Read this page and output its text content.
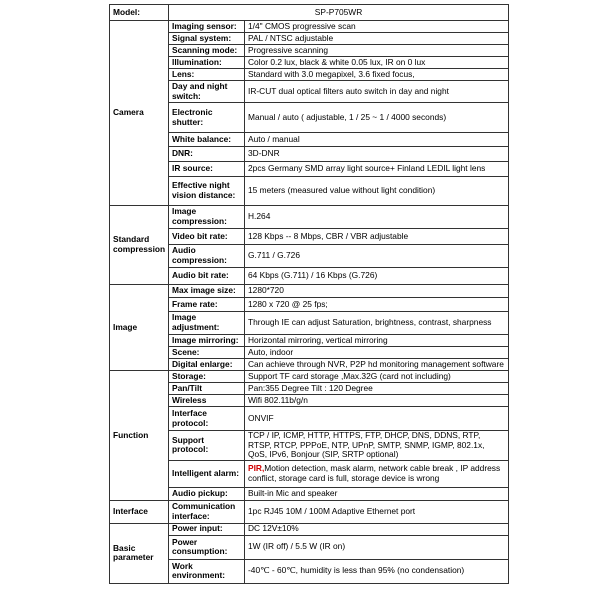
Model:	SP-P705WR	
Camera	Imaging sensor:	1/4" CMOS progressive scan
	Signal system:	PAL / NTSC adjustable
	Scanning mode:	Progressive scanning
	Illumination:	Color 0.2 lux, black & white 0.05 lux, IR on 0 lux
	Lens:	Standard with 3.0 megapixel, 3.6 fixed focus,
	Day and night switch:	IR-CUT dual optical filters auto switch in day and night
	Electronic shutter:	Manual / auto ( adjustable, 1 / 25 ~ 1 / 4000 seconds)
	White balance:	Auto / manual
	DNR:	3D-DNR
	IR source:	2pcs Germany SMD array light source+ Finland LEDIL light lens
	Effective night vision distance:	15 meters (measured value without light condition)
Standard compression	Image compression:	H.264
	Video bit rate:	128 Kbps -- 8 Mbps, CBR / VBR adjustable
	Audio compression:	G.711 / G.726
	Audio bit rate:	64 Kbps (G.711) / 16 Kbps (G.726)
Image	Max image size:	1280*720
	Frame rate:	1280 x 720 @ 25 fps;
	Image adjustment:	Through IE can adjust Saturation, brightness, contrast, sharpness
	Image mirroring:	Horizontal mirroring, vertical mirroring
	Scene:	Auto, indoor
	Digital enlarge:	Can achieve through NVR, P2P hd monitoring management software
Function	Storage:	Support TF card storage ,Max.32G (card not including)
	Pan/Tilt	Pan:355 Degree Tilt : 120 Degree
	Wireless	Wifi 802.11b/g/n
	Interface protocol:	ONVIF
	Support protocol:	TCP / IP, ICMP, HTTP, HTTPS, FTP, DHCP, DNS, DDNS, RTP, RTSP, RTCP, PPPoE, NTP, UPnP, SMTP, SNMP, IGMP, 802.1x, QoS, IPv6, Bonjour (SIP, SRTP optional)
	Intelligent alarm:	PIR,Motion detection, mask alarm, network cable break , IP address conflict, storage card is full, storage device is wrong
	Audio pickup:	Built-in Mic and speaker
Interface	Communication interface:	1pc RJ45 10M / 100M Adaptive Ethernet port
Basic parameter	Power input:	DC 12V±10%
	Power consumption:	1W (IR off) / 5.5 W (IR on)
	Work environment:	-40℃ - 60℃, humidity is less than 95% (no condensation)
